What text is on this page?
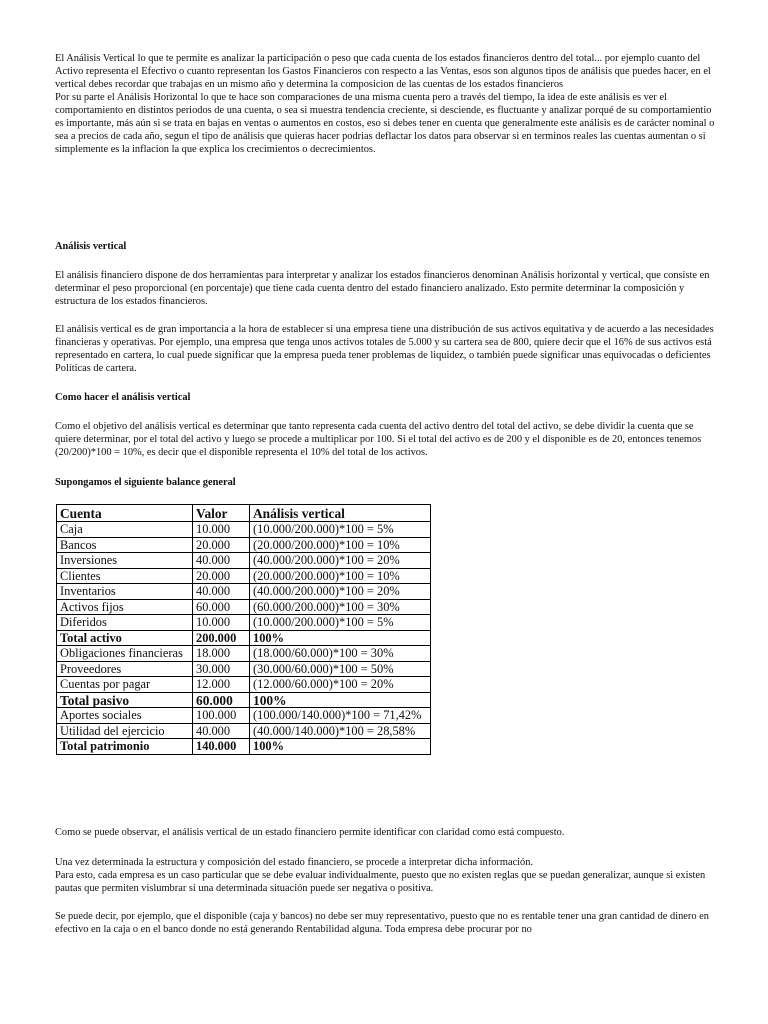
El Análisis Vertical lo que te permite es analizar la participación o peso que cada cuenta de los estados financieros dentro del total... por ejemplo cuanto del Activo representa el Efectivo o cuanto representan los Gastos Financieros con respecto a las Ventas, esos son algunos tipos de análisis que puedes hacer, en el vertical debes recordar que trabajas en un mismo año y determina la composicion de las cuentas de los estados financieros

Por su parte el Análisis Horizontal lo que te hace son comparaciones de una misma cuenta pero a través del tiempo, la idea de este análisis es ver el comportamiento en distintos periodos de una cuenta, o sea si muestra tendencia creciente, si desciende, es fluctuante y analizar porqué de su comportamientio es importante, más aún si se trata en bajas en ventas o aumentos en costos, eso si debes tener en cuenta que generalmente este análisis es de carácter nominal o sea a precios de cada año, segun el tipo de análisis que quieras hacer podrias deflactar los datos para observar si en terminos reales las cuentas aumentan o si simplemente es la inflacion la que explica los crecimientos o decrecimientos.

Análisis vertical
El análisis financiero dispone de dos herramientas para interpretar y analizar los estados financieros denominan Análisis horizontal y vertical, que consiste en determinar el peso proporcional (en porcentaje) que tiene cada cuenta dentro del estado financiero analizado. Esto permite determinar la composición y estructura de los estados financieros.
El análisis vertical es de gran importancia a la hora de establecer si una empresa tiene una distribución de sus activos equitativa y de acuerdo a las necesidades financieras y operativas. Por ejemplo, una empresa que tenga unos activos totales de 5.000 y su cartera sea de 800, quiere decir que el 16% de sus activos está representado en cartera, lo cual puede significar que la empresa pueda tener problemas de liquidez, o también puede significar unas equivocadas o deficientes Políticas de cartera.
Como hacer el análisis vertical
Como el objetivo del análisis vertical es determinar que tanto representa cada cuenta del activo dentro del total del activo, se debe dividir la cuenta que se quiere determinar, por el total del activo y luego se procede a multiplicar por 100. Si el total del activo es de 200 y el disponible es de 20, entonces tenemos (20/200)*100 = 10%, es decir que el disponible representa el 10% del total de los activos.
Supongamos el siguiente balance general
Cuenta	Valor	Análisis vertical
Caja	10.000	(10.000/200.000)*100 = 5%
Bancos	20.000	(20.000/200.000)*100 = 10%
Inversiones	40.000	(40.000/200.000)*100 = 20%
Clientes	20.000	(20.000/200.000)*100 = 10%
Inventarios	40.000	(40.000/200.000)*100 = 20%
Activos fijos	60.000	(60.000/200.000)*100 = 30%
Diferidos	10.000	(10.000/200.000)*100 = 5%
Total activo	200.000	100%
Obligaciones financieras	18.000	(18.000/60.000)*100 = 30%
Proveedores	30.000	(30.000/60.000)*100 = 50%
Cuentas por pagar	12.000	(12.000/60.000)*100 = 20%
Total pasivo	60.000	100%
Aportes sociales	100.000	(100.000/140.000)*100 = 71,42%
Utilidad del ejercicio	40.000	(40.000/140.000)*100 = 28,58%
Total patrimonio	140.000	100%
Como se puede observar, el análisis vertical de un estado financiero permite identificar con claridad como está compuesto.

Una vez determinada la estructura y composición del estado financiero, se procede a interpretar dicha información.

Para esto, cada empresa es un caso particular que se debe evaluar individualmente, puesto que no existen reglas que se puedan generalizar, aunque si existen pautas que permiten vislumbrar si una determinada situación puede ser negativa o positiva.

Se puede decir, por ejemplo, que el disponible (caja y bancos) no debe ser muy representativo, puesto que no es rentable tener una gran cantidad de dinero en efectivo en la caja o en el banco donde no está generando Rentabilidad alguna. Toda empresa debe procurar por no
